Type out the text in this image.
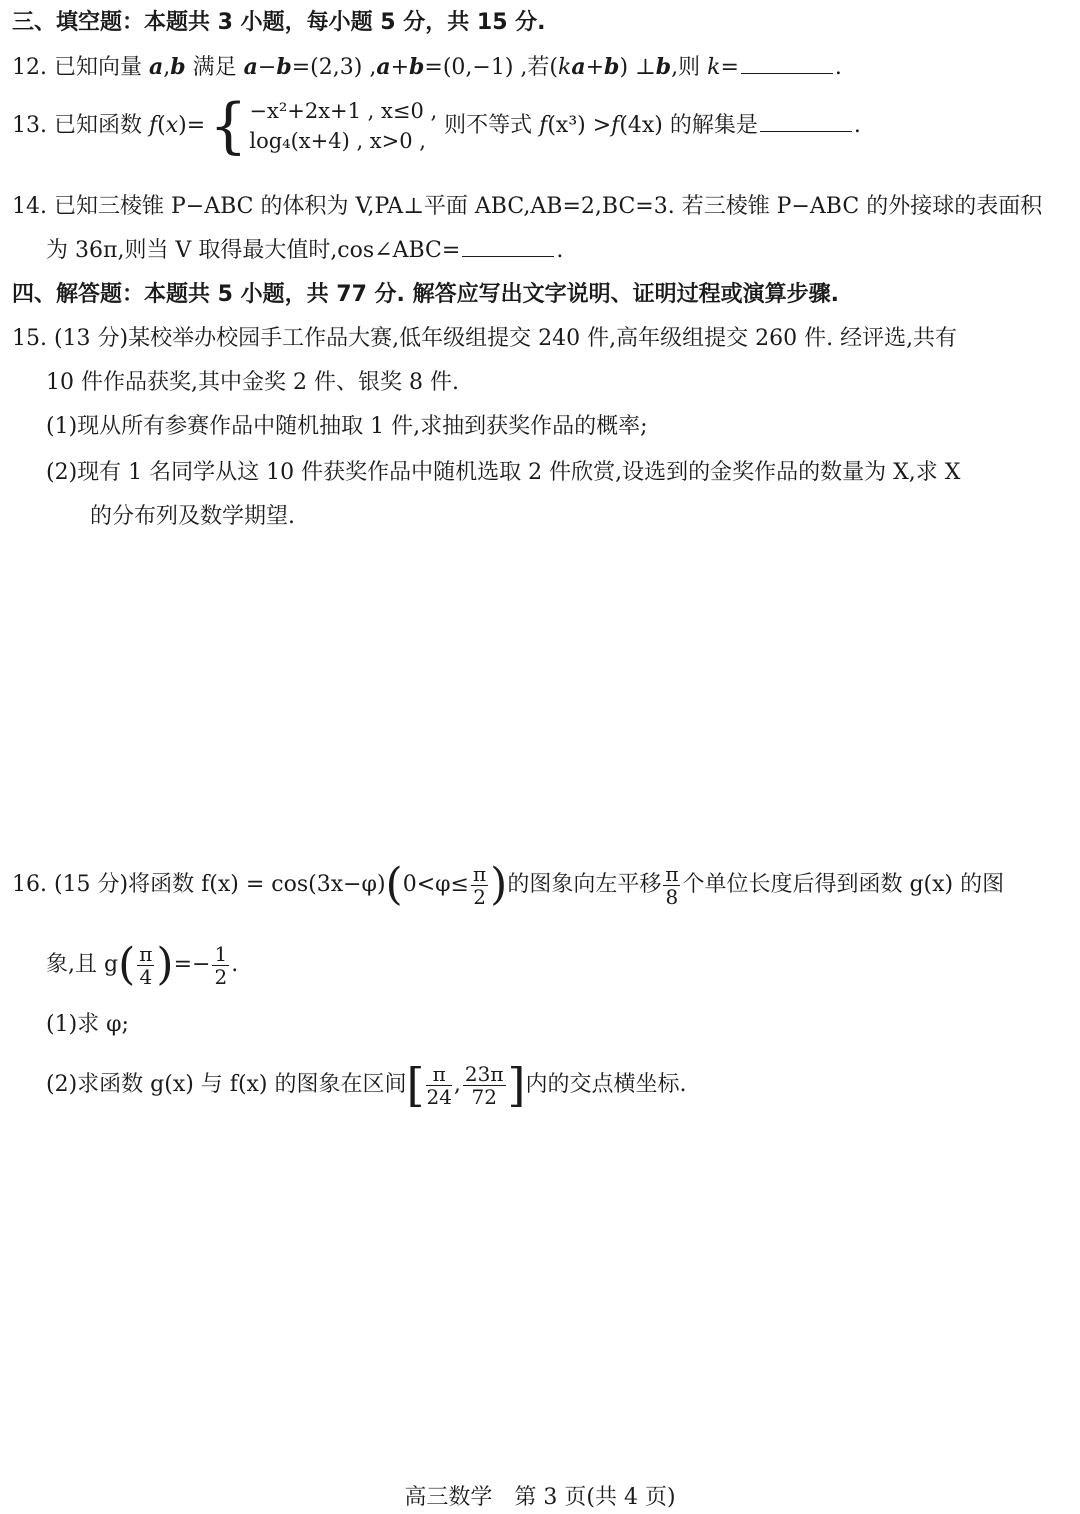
三、填空题：本题共 3 小题，每小题 5 分，共 15 分.
12. 已知向量 a,b 满足 a−b=(2,3) ,a+b=(0,−1) ,若(ka+b) ⊥b,则 k=	.
13. 已知函数 f(x)={ −x²+2x+1 , x≤0 ,
log₄(x+4) , x>0 ,
则不等式 f(x³) >f(4x) 的解集是	.
14. 已知三棱锥 P−ABC 的体积为 V,PA⊥平面 ABC,AB=2,BC=3. 若三棱锥 P−ABC 的外接球的表面积
为 36π,则当 V 取得最大值时,cos∠ABC=	.
四、解答题：本题共 5 小题，共 77 分. 解答应写出文字说明、证明过程或演算步骤.
15. (13 分)某校举办校园手工作品大赛,低年级组提交 240 件,高年级组提交 260 件. 经评选,共有
10 件作品获奖,其中金奖 2 件、银奖 8 件.
(1)现从所有参赛作品中随机抽取 1 件,求抽到获奖作品的概率;
(2)现有 1 名同学从这 10 件获奖作品中随机选取 2 件欣赏,设选到的金奖作品的数量为 X,求 X
的分布列及数学期望.
16. (15 分)将函数 $f(x) = \cos(3x-\varphi)(0<\varphi\le \frac{\pi}{2}$ )的图象向左平移 $\frac{\pi}{8}$ 个单位长度后得到函数 g(x) 的图
象,且 $g( \frac{\pi}{4}$ )=− $\frac{1}{2}$ .
(1)求 φ;
(2)求函数 g(x) 与 f(x) 的图象在区间[ $\frac{\pi}{24}$ , $\frac{23\pi}{72}$ ]内的交点横坐标.
高三数学　第 3 页(共 4 页)
